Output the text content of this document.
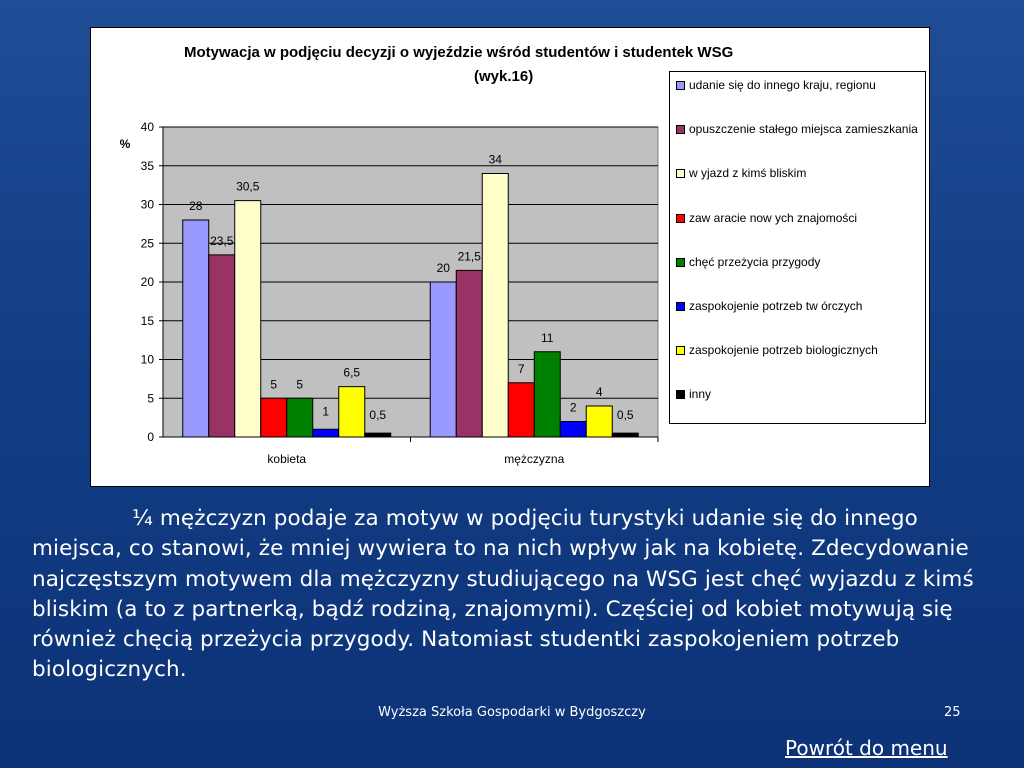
Motywacja w podjęciu decyzji o wyjeździe wśród studentów i studentek WSG
(wyk.16)
0
5
10
15
20
25
30
35
40
%
kobieta
28
23,5
30,5
5 5
1
6,5
0,5
mężczyzna
20
21,5
34
7
11
2
4
0,5
udanie się do innego kraju, regionu
opuszczenie stałego miejsca zamieszkania
w yjazd z kimś bliskim
zaw aracie now ych znajomości
chęć przeżycia przygody
zaspokojenie potrzeb tw órczych
zaspokojenie potrzeb biologicznych
inny
¼ mężczyzn podaje za motyw w podjęciu turystyki udanie się do innego miejsca, co stanowi, że mniej wywiera to na nich wpływ jak na kobietę. Zdecydowanie najczęstszym motywem dla mężczyzny studiującego na WSG jest chęć wyjazdu z kimś bliskim (a to z partnerką, bądź rodziną, znajomymi). Częściej od kobiet motywują się również chęcią przeżycia przygody. Natomiast studentki zaspokojeniem potrzeb biologicznych.
Wyższa Szkoła Gospodarki w Bydgoszczy	25
Powrót do menu
